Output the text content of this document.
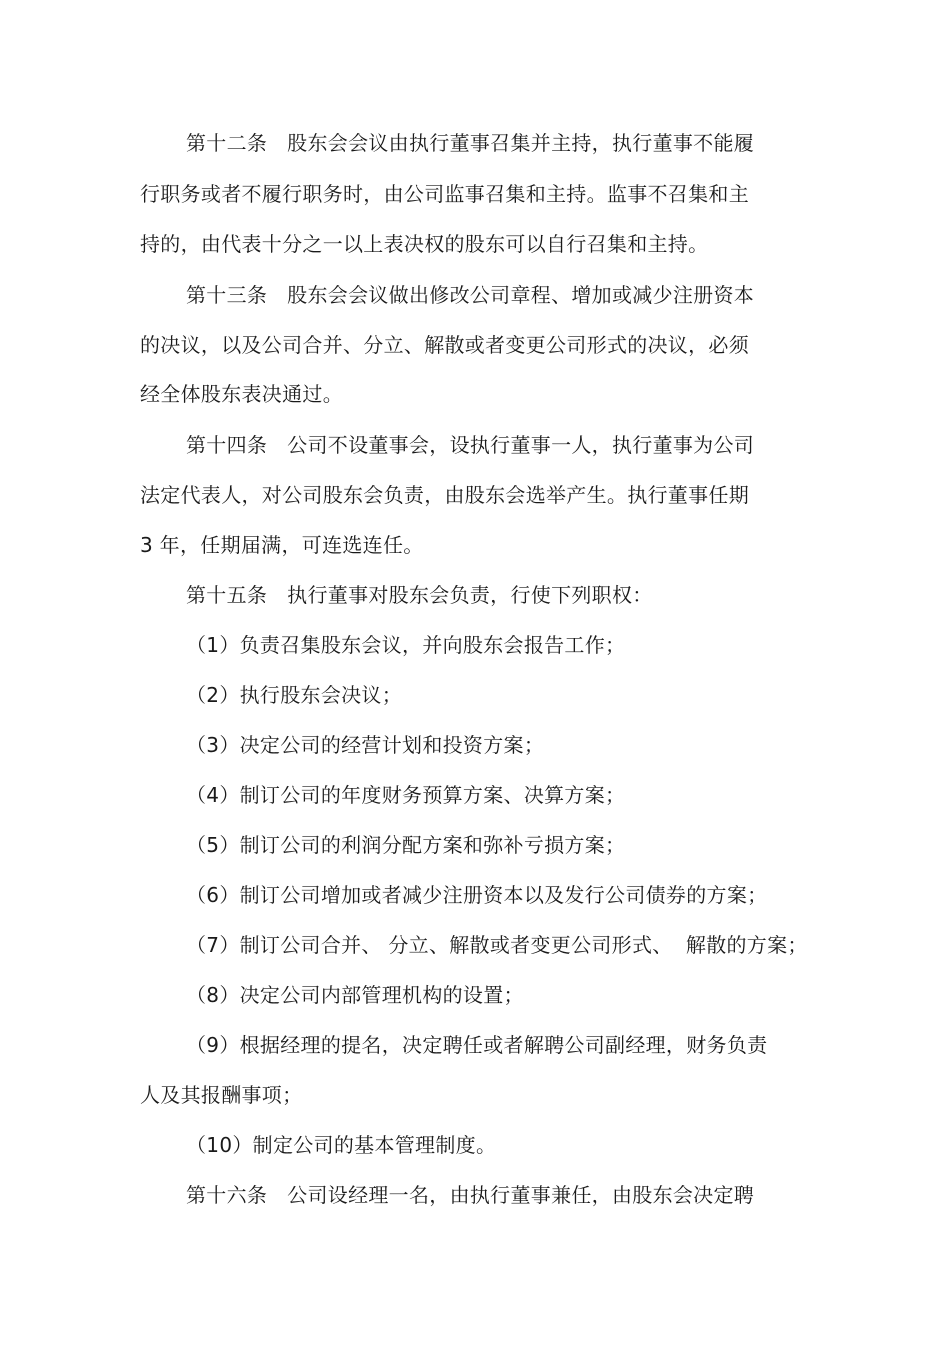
第十二条   股东会会议由执行董事召集并主持，执行董事不能履
行职务或者不履行职务时，由公司监事召集和主持。监事不召集和主
持的，由代表十分之一以上表决权的股东可以自行召集和主持。
第十三条   股东会会议做出修改公司章程、增加或减少注册资本
的决议，以及公司合并、分立、解散或者变更公司形式的决议，必须
经全体股东表决通过。
第十四条   公司不设董事会，设执行董事一人，执行董事为公司
法定代表人，对公司股东会负责，由股东会选举产生。执行董事任期
3 年，任期届满，可连选连任。
第十五条   执行董事对股东会负责，行使下列职权：
（1）负责召集股东会议，并向股东会报告工作；
（2）执行股东会决议；
（3）决定公司的经营计划和投资方案；
（4）制订公司的年度财务预算方案、决算方案；
（5）制订公司的利润分配方案和弥补亏损方案；
（6）制订公司增加或者减少注册资本以及发行公司债券的方案；
（7）制订公司合并、 分立、解散或者变更公司形式、  解散的方案；
（8）决定公司内部管理机构的设置；
（9）根据经理的提名，决定聘任或者解聘公司副经理，财务负责
人及其报酬事项；
（10）制定公司的基本管理制度。
第十六条   公司设经理一名，由执行董事兼任，由股东会决定聘
